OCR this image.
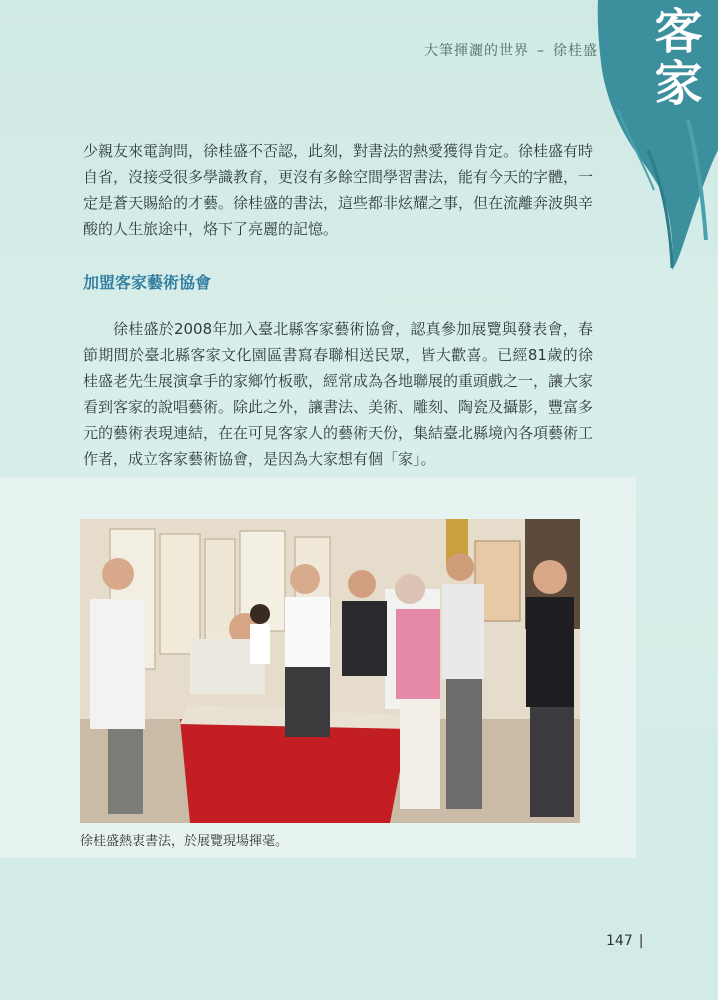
客家
大筆揮灑的世界 – 徐桂盛
少親友來電詢問，徐桂盛不否認，此刻，對書法的熱愛獲得肯定。徐桂盛有時自省，沒接受很多學識教育，更沒有多餘空間學習書法，能有今天的字體，一定是蒼天賜給的才藝。徐桂盛的書法，這些都非炫耀之事，但在流離奔波與辛酸的人生旅途中，烙下了亮麗的記憶。
加盟客家藝術協會
徐桂盛於2008年加入臺北縣客家藝術協會，認真參加展覽與發表會，春節期間於臺北縣客家文化園區書寫春聯相送民眾，皆大歡喜。已經81歲的徐桂盛老先生展演拿手的家鄉竹板歌，經常成為各地聯展的重頭戲之一，讓大家看到客家的說唱藝術。除此之外，讓書法、美術、雕刻、陶瓷及攝影，豐富多元的藝術表現連結，在在可見客家人的藝術天份，集結臺北縣境內各項藝術工作者，成立客家藝術協會，是因為大家想有個「家」。
徐桂盛熱衷書法，於展覽現場揮毫。
147 |
